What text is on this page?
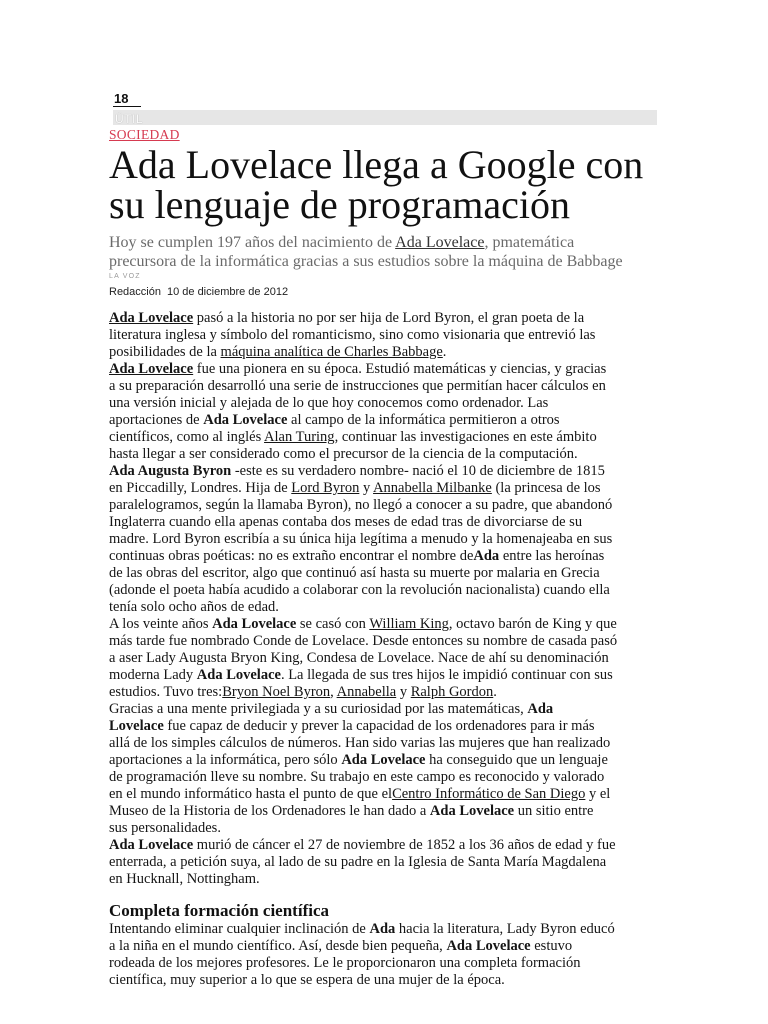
18
ÚTIL
SOCIEDAD
Ada Lovelace llega a Google con
su lenguaje de programación
Hoy se cumplen 197 años del nacimiento de Ada Lovelace, pmatemática
precursora de la informática gracias a sus estudios sobre la máquina de Babbage
LA VOZ
Redacción 10 de diciembre de 2012
Ada Lovelace pasó a la historia no por ser hija de Lord Byron, el gran poeta de la
literatura inglesa y símbolo del romanticismo, sino como visionaria que entrevió las
posibilidades de la máquina analítica de Charles Babbage.
Ada Lovelace fue una pionera en su época. Estudió matemáticas y ciencias, y gracias
a su preparación desarrolló una serie de instrucciones que permitían hacer cálculos en
una versión inicial y alejada de lo que hoy conocemos como ordenador. Las
aportaciones de Ada Lovelace al campo de la informática permitieron a otros
científicos, como al inglés Alan Turing, continuar las investigaciones en este ámbito
hasta llegar a ser considerado como el precursor de la ciencia de la computación.
Ada Augusta Byron -este es su verdadero nombre- nació el 10 de diciembre de 1815
en Piccadilly, Londres. Hija de Lord Byron y Annabella Milbanke (la princesa de los
paralelogramos, según la llamaba Byron), no llegó a conocer a su padre, que abandonó
Inglaterra cuando ella apenas contaba dos meses de edad tras de divorciarse de su
madre. Lord Byron escribía a su única hija legítima a menudo y la homenajeaba en sus
continuas obras poéticas: no es extraño encontrar el nombre deAda entre las heroínas
de las obras del escritor, algo que continuó así hasta su muerte por malaria en Grecia
(adonde el poeta había acudido a colaborar con la revolución nacionalista) cuando ella
tenía solo ocho años de edad.
A los veinte años Ada Lovelace se casó con William King, octavo barón de King y que
más tarde fue nombrado Conde de Lovelace. Desde entonces su nombre de casada pasó
a aser Lady Augusta Bryon King, Condesa de Lovelace. Nace de ahí su denominación
moderna Lady Ada Lovelace. La llegada de sus tres hijos le impidió continuar con sus
estudios. Tuvo tres:Bryon Noel Byron, Annabella y Ralph Gordon.
Gracias a una mente privilegiada y a su curiosidad por las matemáticas, Ada
Lovelace fue capaz de deducir y prever la capacidad de los ordenadores para ir más
allá de los simples cálculos de números. Han sido varias las mujeres que han realizado
aportaciones a la informática, pero sólo Ada Lovelace ha conseguido que un lenguaje
de programación lleve su nombre. Su trabajo en este campo es reconocido y valorado
en el mundo informático hasta el punto de que elCentro Informático de San Diego y el
Museo de la Historia de los Ordenadores le han dado a Ada Lovelace un sitio entre
sus personalidades.
Ada Lovelace murió de cáncer el 27 de noviembre de 1852 a los 36 años de edad y fue
enterrada, a petición suya, al lado de su padre en la Iglesia de Santa María Magdalena
en Hucknall, Nottingham.
Completa formación científica
Intentando eliminar cualquier inclinación de Ada hacia la literatura, Lady Byron educó
a la niña en el mundo científico. Así, desde bien pequeña, Ada Lovelace estuvo
rodeada de los mejores profesores. Le le proporcionaron una completa formación
científica, muy superior a lo que se espera de una mujer de la época.
